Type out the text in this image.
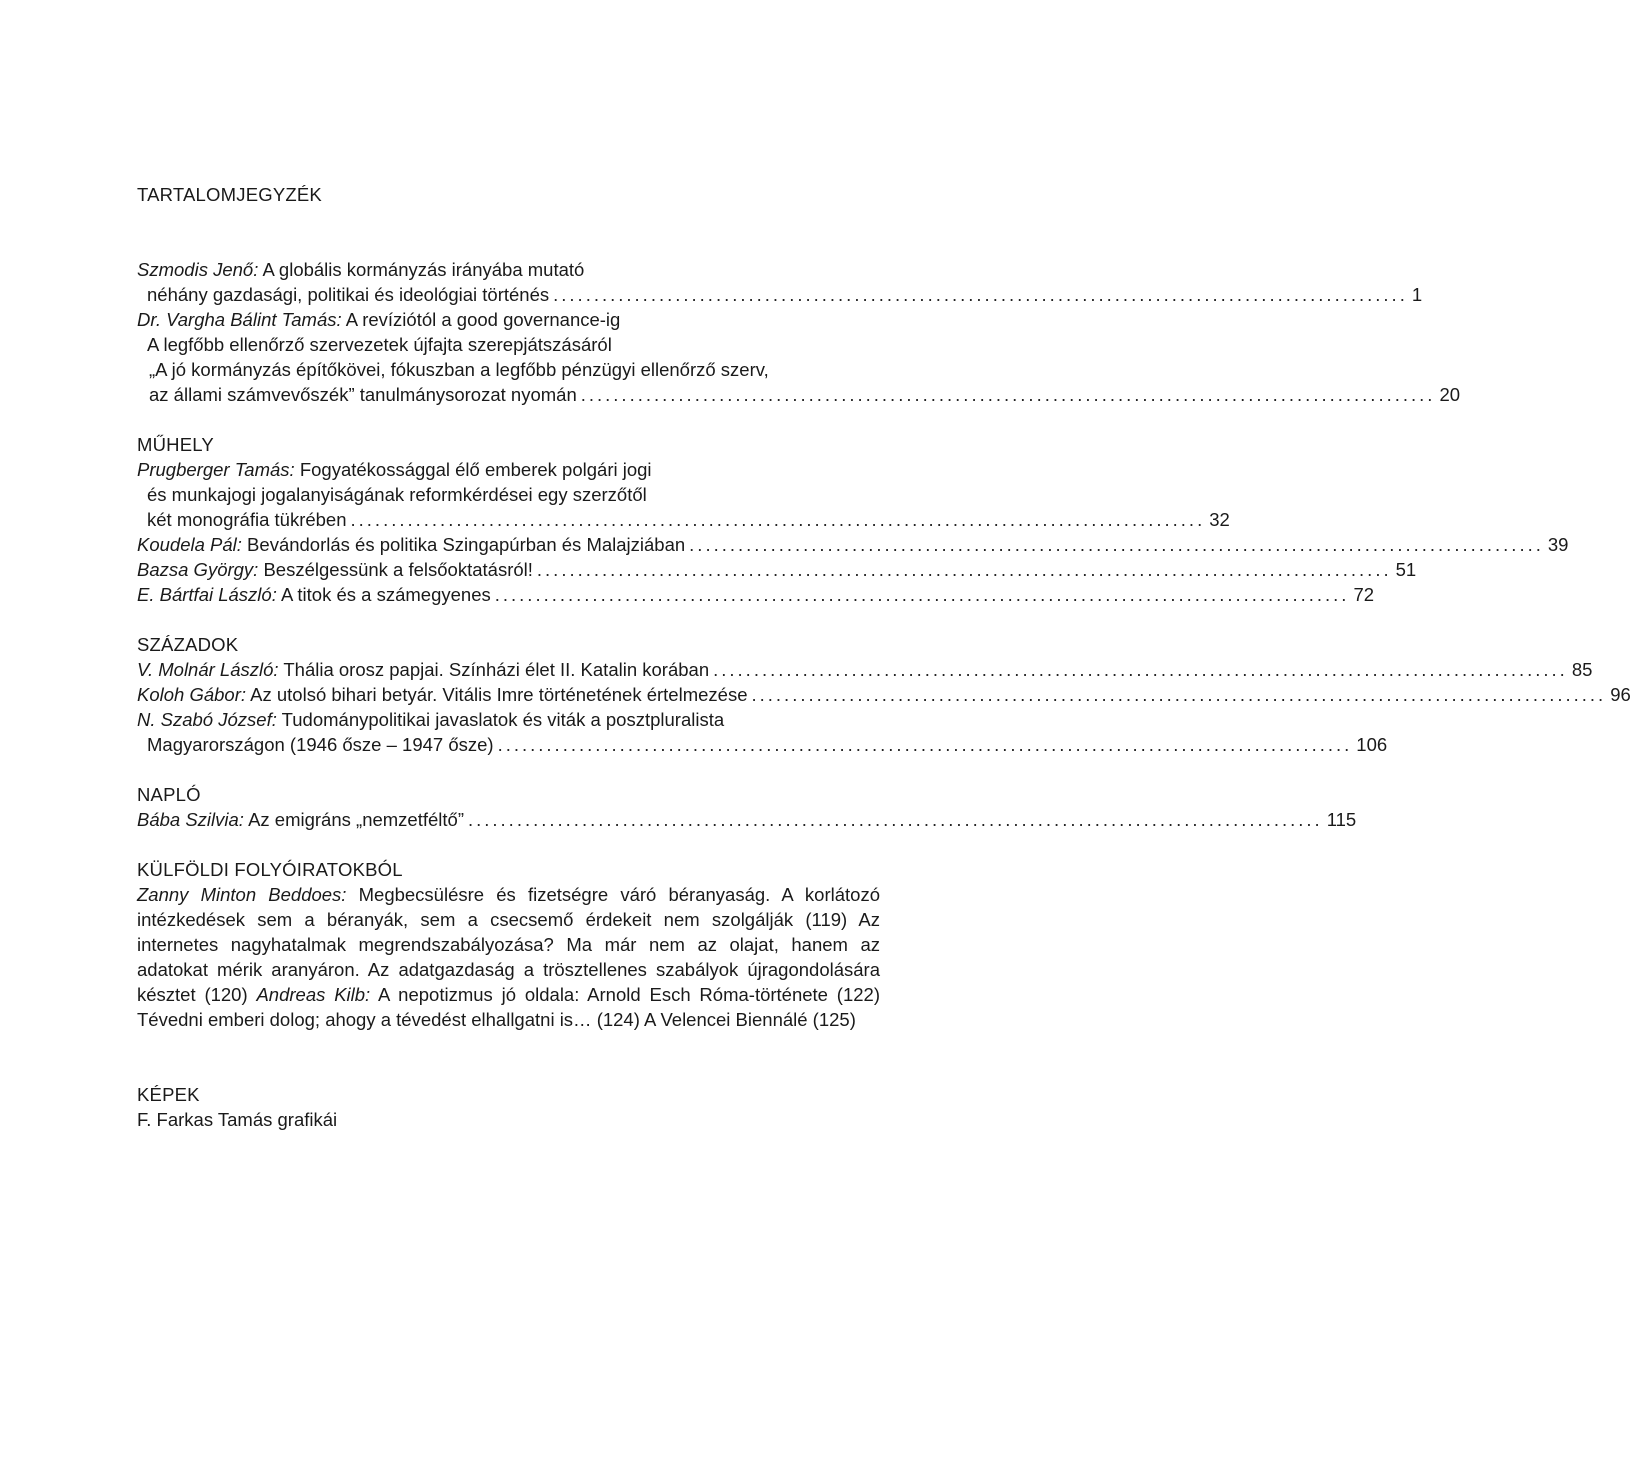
TARTALOMJEGYZÉK
Szmodis Jenő: A globális kormányzás irányába mutató
néhány gazdasági, politikai és ideológiai történés ......................................................................................................... 1
Dr. Vargha Bálint Tamás: A revíziótól a good governance-ig
A legfőbb ellenőrző szervezetek újfajta szerepjátszásáról
„A jó kormányzás építőkövei, fókuszban a legfőbb pénzügyi ellenőrző szerv,
az állami számvevőszék” tanulmánysorozat nyomán ......................................................................................................... 20
MŰHELY
Prugberger Tamás: Fogyatékossággal élő emberek polgári jogi
és munkajogi jogalanyiságának reformkérdései egy szerzőtől
két monográfia tükrében ......................................................................................................... 32
Koudela Pál: Bevándorlás és politika Szingapúrban és Malajziában ......................................................................................................... 39
Bazsa György: Beszélgessünk a felsőoktatásról! ......................................................................................................... 51
E. Bártfai László: A titok és a számegyenes ......................................................................................................... 72
SZÁZADOK
V. Molnár László: Thália orosz papjai. Színházi élet II. Katalin korában ......................................................................................................... 85
Koloh Gábor: Az utolsó bihari betyár. Vitális Imre történetének értelmezése ......................................................................................................... 96
N. Szabó József: Tudománypolitikai javaslatok és viták a posztpluralista
Magyarországon (1946 ősze – 1947 ősze) ......................................................................................................... 106
NAPLÓ
Bába Szilvia: Az emigráns „nemzetféltő” ......................................................................................................... 115
KÜLFÖLDI FOLYÓIRATOKBÓL
Zanny Minton Beddoes: Megbecsülésre és fizetségre váró béranyaság. A korlátozó intézkedések sem a béranyák, sem a csecsemő érdekeit nem szolgálják (119) Az internetes nagyhatalmak megrendszabályozása? Ma már nem az olajat, hanem az adatokat mérik aranyáron. Az adatgazdaság a trösztellenes szabályok újragondolására késztet (120) Andreas Kilb: A nepotizmus jó oldala: Arnold Esch Róma-története (122) Tévedni emberi dolog; ahogy a tévedést elhallgatni is… (124) A Velencei Biennálé (125)
KÉPEK
F. Farkas Tamás grafikái
